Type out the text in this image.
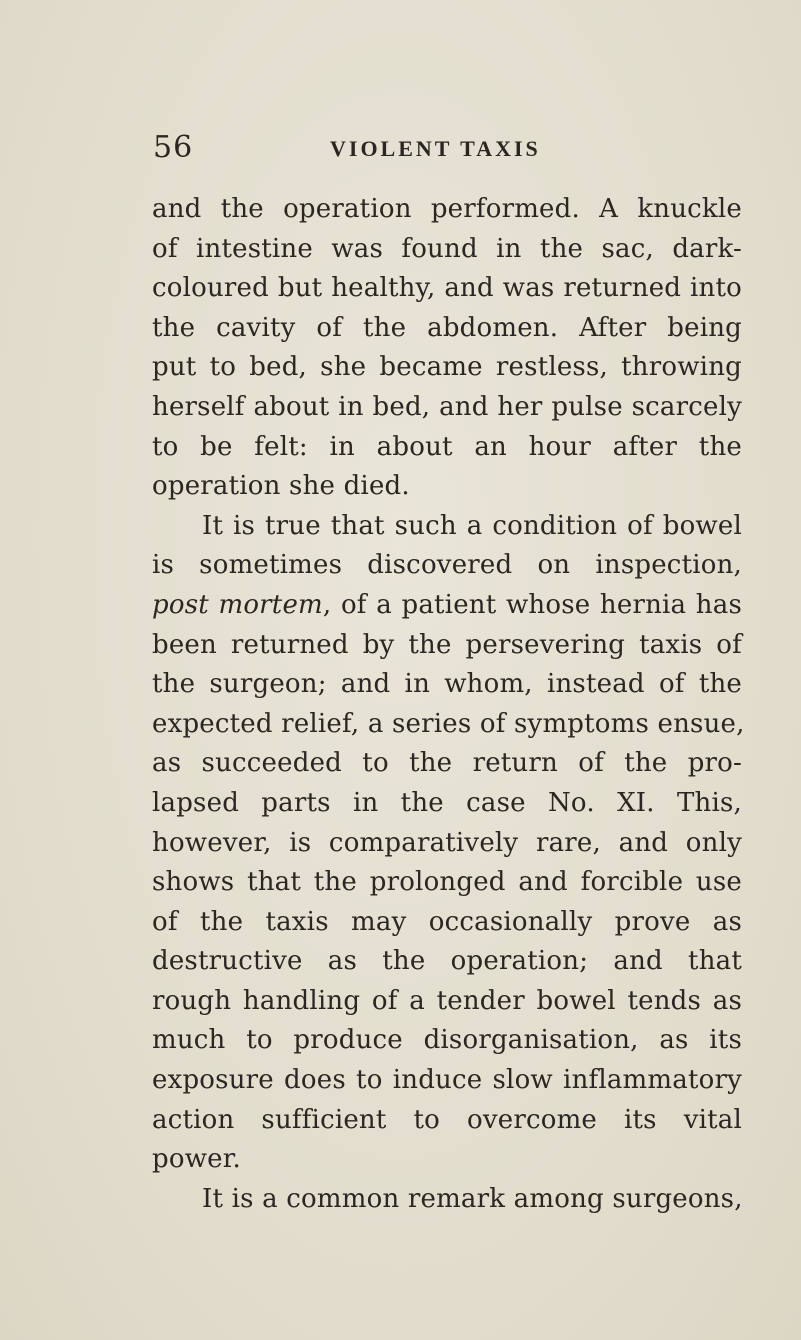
56	VIOLENT TAXIS
and the operation performed. A knuckle
of intestine was found in the sac, dark-
coloured but healthy, and was returned into
the cavity of the abdomen. After being
put to bed, she became restless, throwing
herself about in bed, and her pulse scarcely
to be felt: in about an hour after the
operation she died.
It is true that such a condition of bowel
is sometimes discovered on inspection,
post mortem, of a patient whose hernia has
been returned by the persevering taxis of
the surgeon; and in whom, instead of the
expected relief, a series of symptoms ensue,
as succeeded to the return of the pro-
lapsed parts in the case No. XI. This,
however, is comparatively rare, and only
shows that the prolonged and forcible use
of the taxis may occasionally prove as
destructive as the operation; and that
rough handling of a tender bowel tends as
much to produce disorganisation, as its
exposure does to induce slow inflammatory
action sufficient to overcome its vital
power.
It is a common remark among surgeons,
